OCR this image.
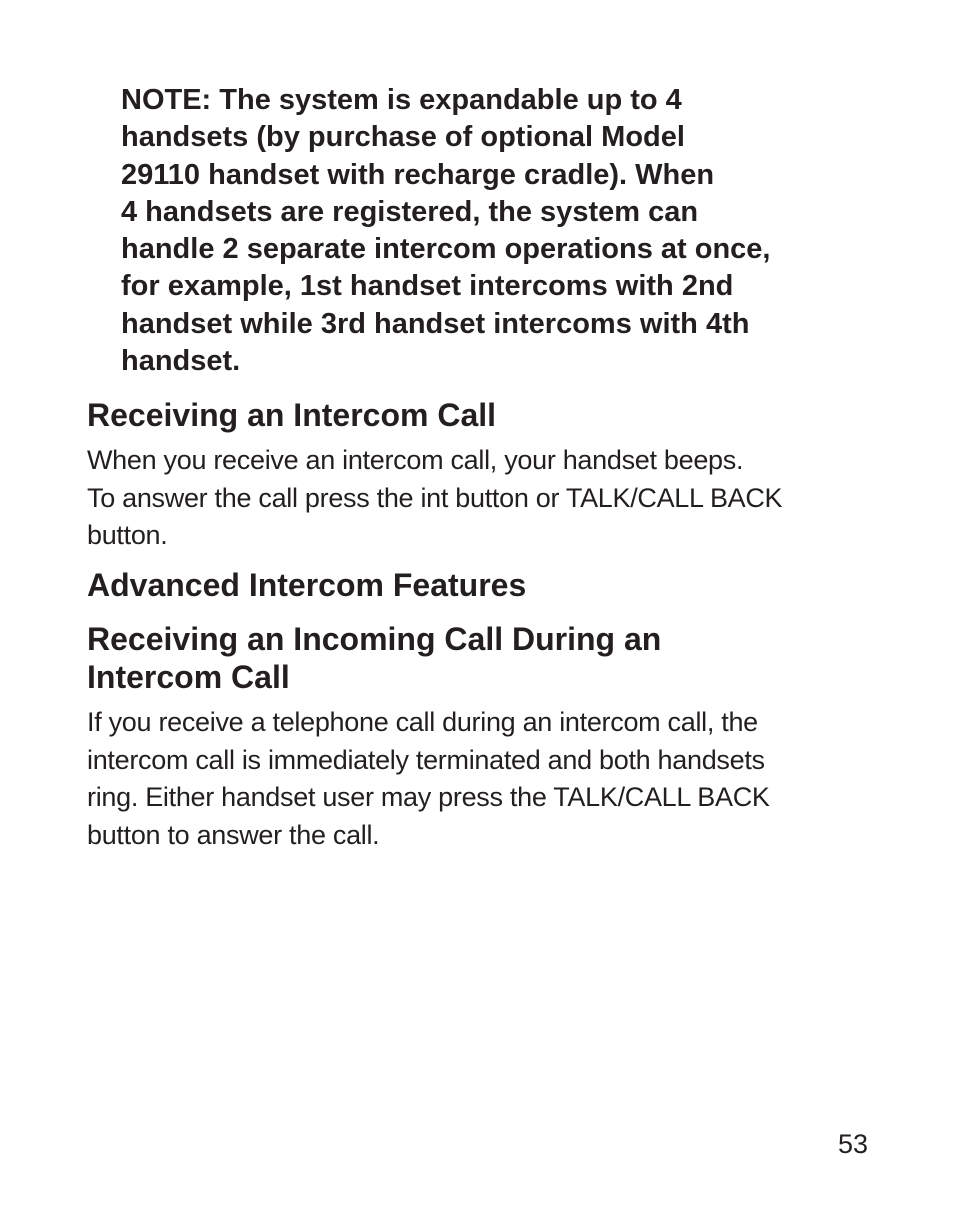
NOTE: The system is expandable up to 4
handsets (by purchase of optional Model
29110 handset with recharge cradle). When
4 handsets are registered, the system can
handle 2 separate intercom operations at once,
for example, 1st handset intercoms with 2nd
handset while 3rd handset intercoms with 4th
handset.

Receiving an Intercom Call

When you receive an intercom call, your handset beeps.
To answer the call press the int button or TALK/CALL BACK
button.

Advanced Intercom Features
Receiving an Incoming Call During an
Intercom Call

If you receive a telephone call during an intercom call, the
intercom call is immediately terminated and both handsets
ring. Either handset user may press the TALK/CALL BACK
button to answer the call.

53
